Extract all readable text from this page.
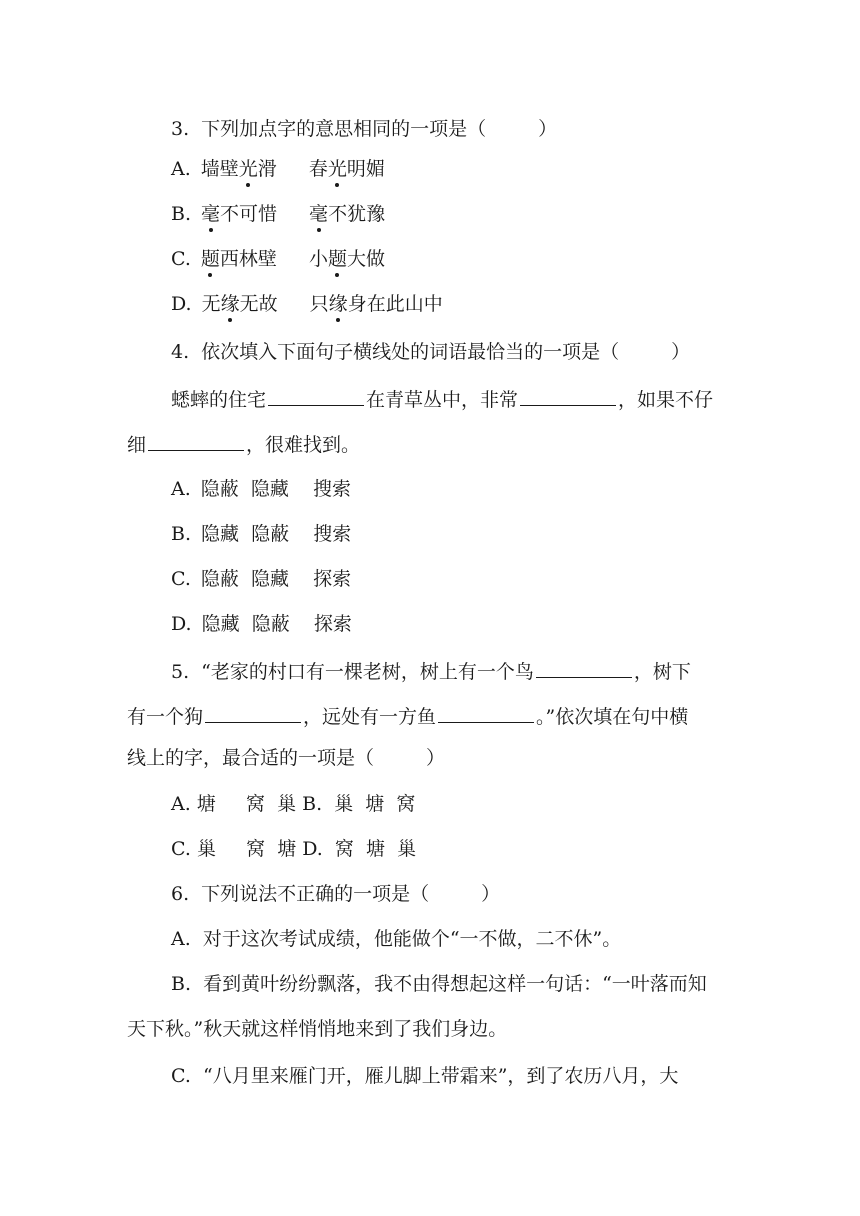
3. 下列加点字的意思相同的一项是（	）
A. 墙壁光滑 春光明媚
B. 毫不可惜 毫不犹豫
C. 题西林壁 小题大做
D. 无缘无故 只缘身在此山中
4. 依次填入下面句子横线处的词语最恰当的一项是（	）
蟋蟀的住宅	在青草丛中，非常	，如果不仔
细	，很难找到。
A. 隐蔽  隐藏    搜索
B. 隐藏  隐蔽    搜索
C. 隐蔽  隐藏    探索
D. 隐藏  隐蔽    探索
5. “老家的村口有一棵老树，树上有一个鸟	，树下
有一个狗	，远处有一方鱼	。”依次填在句中横
线上的字，最合适的一项是（	）
A. 塘     窝  巢 B.  巢  塘  窝
C. 巢     窝  塘 D.  窝  塘  巢
6. 下列说法不正确的一项是（	）
A.  对于这次考试成绩，他能做个“一不做，二不休”。
B.  看到黄叶纷纷飘落，我不由得想起这样一句话：“一叶落而知
天下秋。”秋天就这样悄悄地来到了我们身边。
C.  “八月里来雁门开，雁儿脚上带霜来”，到了农历八月，大
